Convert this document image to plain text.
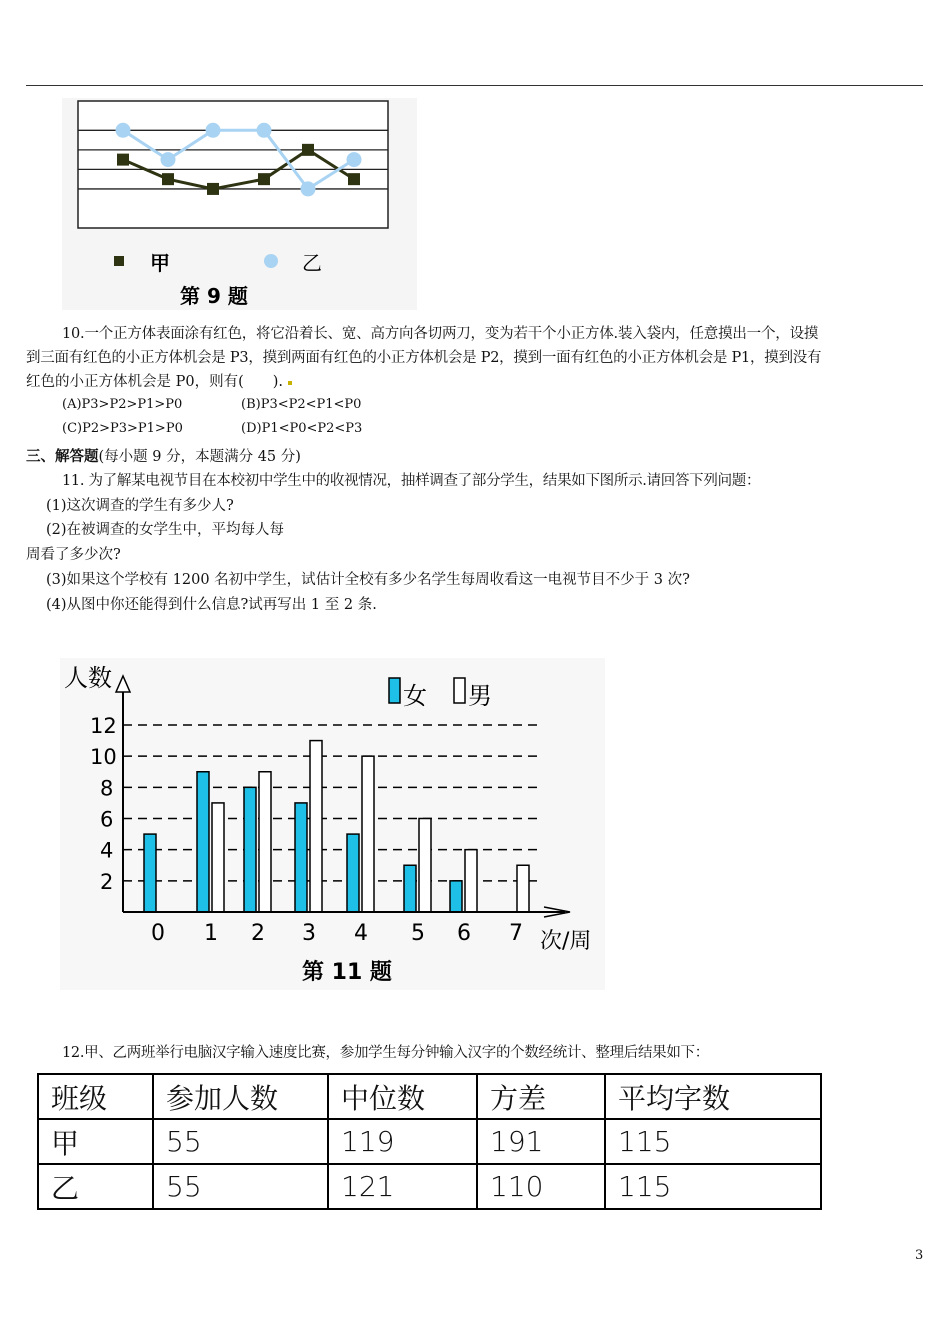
甲	乙
第 9 题
10.一个正方体表面涂有红色，将它沿着长、宽、高方向各切两刀，变为若干个小正方体.装入袋内，任意摸出一个，设摸
到三面有红色的小正方体机会是 P3，摸到两面有红色的小正方体机会是 P2，摸到一面有红色的小正方体机会是 P1，摸到没有
红色的小正方体机会是 P0，则有(　　).
(A)P3>P2>P1>P0	(B)P3<P2<P1<P0
(C)P2>P3>P1>P0	(D)P1<P0<P2<P3
三、解答题(每小题 9 分，本题满分 45 分)
11. 为了解某电视节目在本校初中学生中的收视情况，抽样调查了部分学生，结果如下图所示.请回答下列问题：
(1)这次调查的学生有多少人?
(2)在被调查的女学生中，平均每人每
周看了多少次?
(3)如果这个学校有 1200 名初中学生，试估计全校有多少名学生每周收看这一电视节目不少于 3 次?
(4)从图中你还能得到什么信息?试再写出 1 至 2 条.
2
4
6
8
10
12
0 1 2 3 4 5 6 7
人数
次/周
女 男
第 11 题
12.甲、乙两班举行电脑汉字输入速度比赛，参加学生每分钟输入汉字的个数经统计、整理后结果如下：
班级	参加人数	中位数	方差	平均字数
甲	55	119	191	115
乙	55	121	110	115
3
